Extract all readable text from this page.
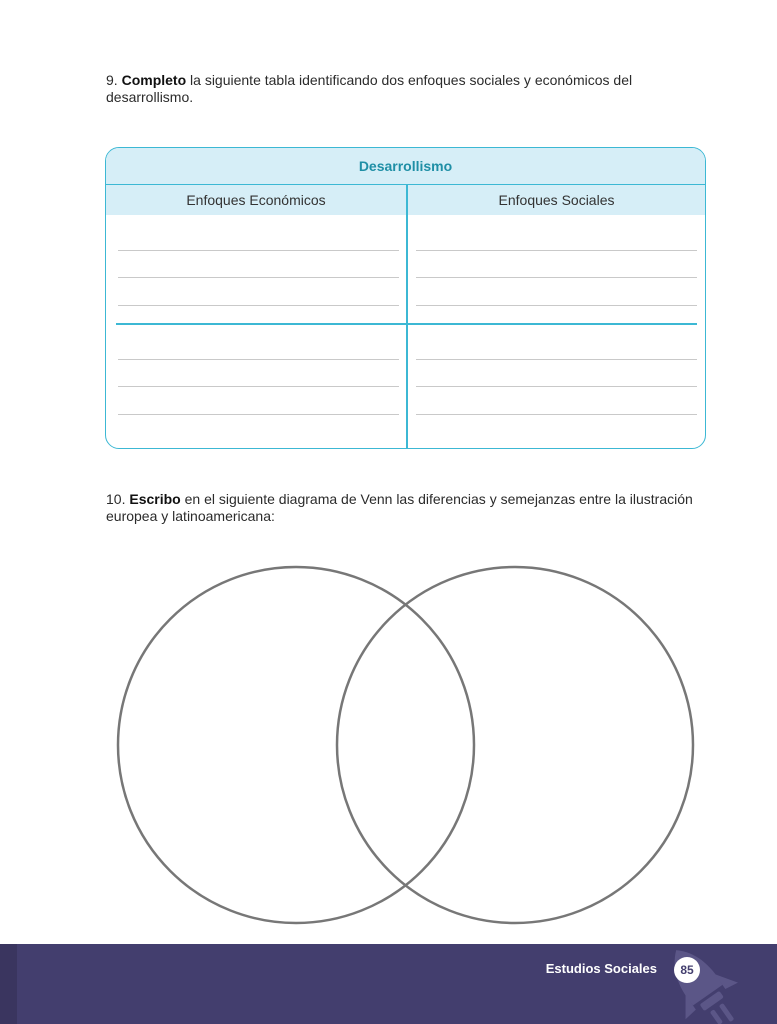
9. Completo la siguiente tabla identificando dos enfoques sociales y económicos del desarrollismo.
Desarrollismo
Enfoques Económicos	Enfoques Sociales
10. Escribo en el siguiente diagrama de Venn las diferencias y semejanzas entre la ilustración europea y latinoamericana:
Estudios Sociales	85
